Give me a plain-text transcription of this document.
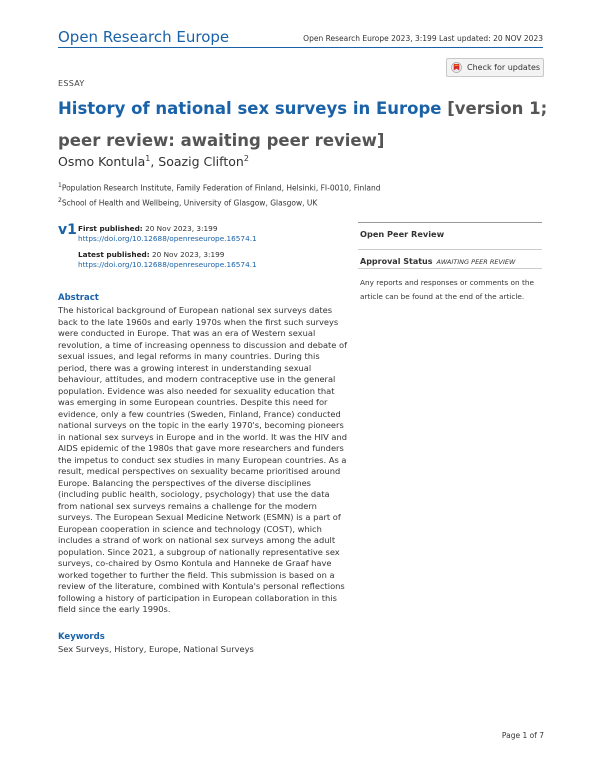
Open Research Europe	Open Research Europe 2023, 3:199 Last updated: 20 NOV 2023
ESSAY
Check for updates
History of national sex surveys in Europe [version 1; peer review: awaiting peer review]
Osmo Kontula$^1$, Soazig Clifton$^2$
$^1$Population Research Institute, Family Federation of Finland, Helsinki, FI-0010, Finland
$^2$School of Health and Wellbeing, University of Glasgow, Glasgow, UK
v1 First published: 20 Nov 2023, 3:199
https://doi.org/10.12688/openreseurope.16574.1
Latest published: 20 Nov 2023, 3:199
https://doi.org/10.12688/openreseurope.16574.1
Open Peer Review
Approval Status AWAITING PEER REVIEW
Any reports and responses or comments on the article can be found at the end of the article.
Abstract
The historical background of European national sex surveys dates back to the late 1960s and early 1970s when the first such surveys were conducted in Europe. That was an era of Western sexual revolution, a time of increasing openness to discussion and debate of sexual issues, and legal reforms in many countries. During this period, there was a growing interest in understanding sexual behaviour, attitudes, and modern contraceptive use in the general population. Evidence was also needed for sexuality education that was emerging in some European countries. Despite this need for evidence, only a few countries (Sweden, Finland, France) conducted national surveys on the topic in the early 1970's, becoming pioneers in national sex surveys in Europe and in the world. It was the HIV and AIDS epidemic of the 1980s that gave more researchers and funders the impetus to conduct sex studies in many European countries. As a result, medical perspectives on sexuality became prioritised around Europe. Balancing the perspectives of the diverse disciplines (including public health, sociology, psychology) that use the data from national sex surveys remains a challenge for the modern surveys. The European Sexual Medicine Network (ESMN) is a part of European cooperation in science and technology (COST), which includes a strand of work on national sex surveys among the adult population. Since 2021, a subgroup of nationally representative sex surveys, co-chaired by Osmo Kontula and Hanneke de Graaf have worked together to further the field. This submission is based on a review of the literature, combined with Kontula's personal reflections following a history of participation in European collaboration in this field since the early 1990s.
Keywords
Sex Surveys, History, Europe, National Surveys
Page 1 of 7
